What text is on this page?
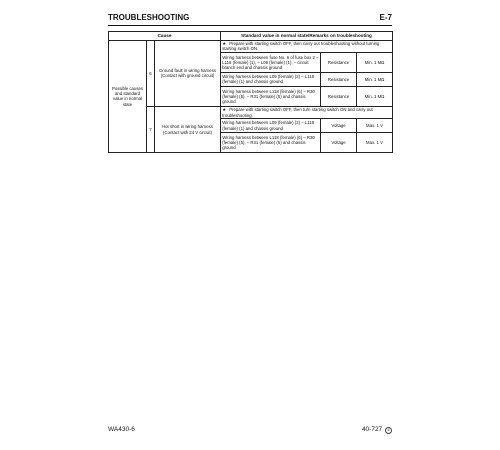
TROUBLESHOOTING	E-7
Cause			Standard value in normal state/Remarks on troubleshooting		
Possible causes and standard value in normal state	6	Ground fault in wiring harness (Contact with ground circuit)	★ Prepare with starting switch OFF, then carry out troubleshooting without turning starting switch ON.		
			Wiring harness between fuse No. 6 of fuse box 2 – L116 (female) (1), – L09 (female) (1), – circuit branch end and chassis ground	Resistance	Min. 1 MΩ
			Wiring harness between L09 (female) (2) – L118 (female) (1) and chassis ground	Resistance	Min. 1 MΩ
			Wiring harness between L118 (female) (6) – R30 (female) (5), – R31 (female) (5) and chassis ground	Resistance	Min. 1 MΩ
	7	Hot short in wiring harness (Contact with 24 V circuit)	★ Prepare with starting switch OFF, then turn starting switch ON and carry out troubleshooting.		
			Wiring harness between L09 (female) (2) – L118 (female) (1) and chassis ground	Voltage	Max. 1 V
			Wiring harness between L118 (female) (6) – R30 (female) (5), – R31 (female) (5) and chassis ground	Voltage	Max. 1 V
WA430-6	40-727 ①
